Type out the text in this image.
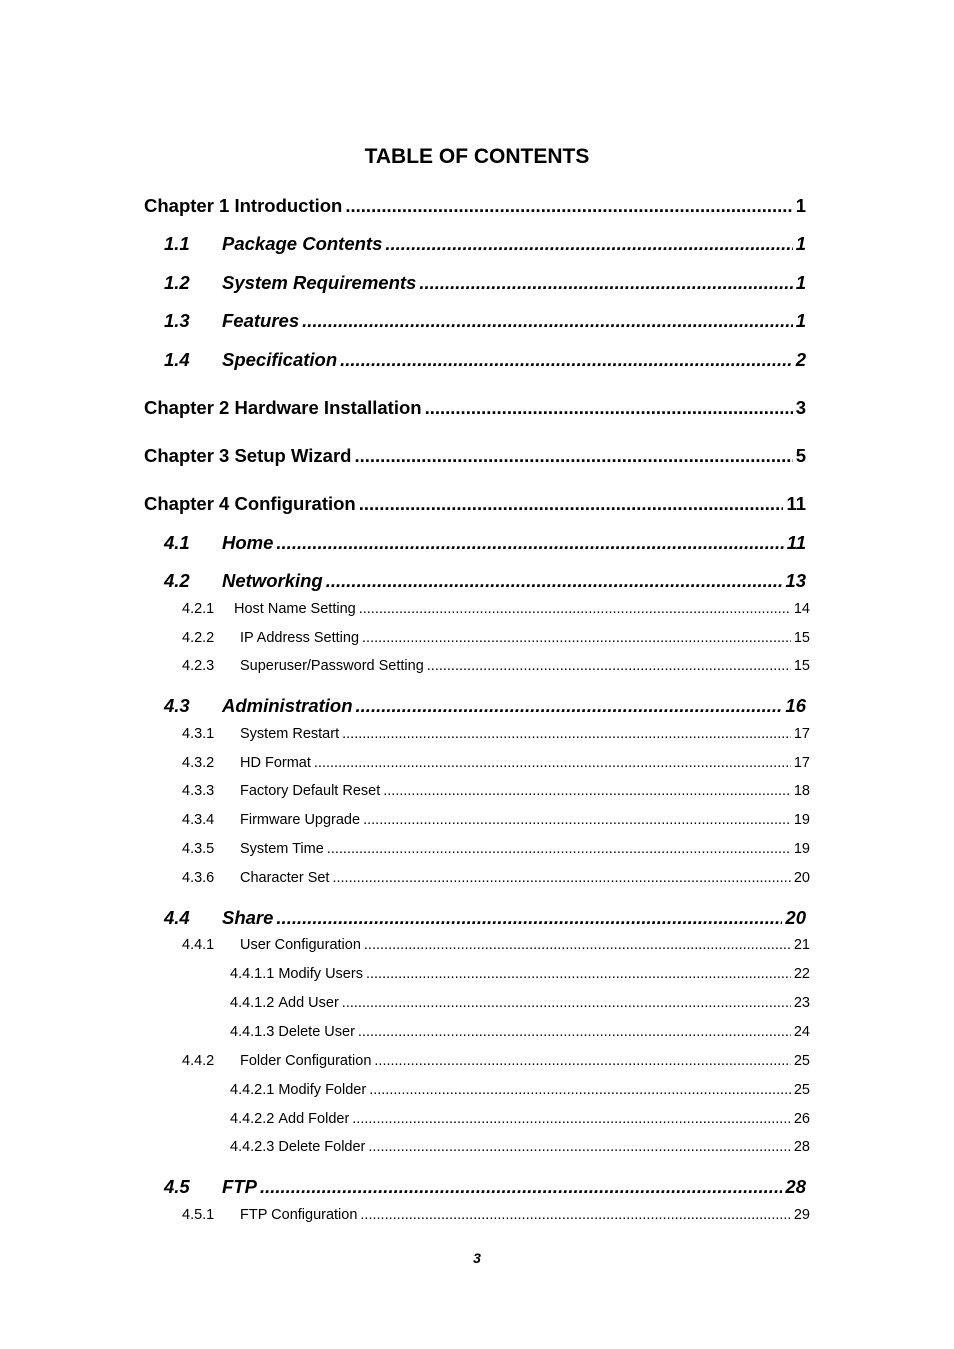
TABLE OF CONTENTS
Chapter 1 Introduction .....	1
1.1	Package Contents .....	1
1.2	System Requirements .....	1
1.3	Features .....	1
1.4	Specification .....	2
Chapter 2 Hardware Installation .....	3
Chapter 3 Setup Wizard .....	5
Chapter 4 Configuration .....	11
4.1	Home .....	11
4.2	Networking .....	13
4.2.1	Host Name Setting .....	14
4.2.2	IP Address Setting .....	15
4.2.3	Superuser/Password Setting .....	15
4.3	Administration .....	16
4.3.1	System Restart .....	17
4.3.2	HD Format .....	17
4.3.3	Factory Default Reset .....	18
4.3.4	Firmware Upgrade .....	19
4.3.5	System Time .....	19
4.3.6	Character Set .....	20
4.4	Share .....	20
4.4.1	User Configuration .....	21
4.4.1.1 Modify Users .....	22
4.4.1.2 Add User .....	23
4.4.1.3 Delete User .....	24
4.4.2	Folder Configuration .....	25
4.4.2.1 Modify Folder .....	25
4.4.2.2 Add Folder .....	26
4.4.2.3 Delete Folder .....	28
4.5	FTP .....	28
4.5.1	FTP Configuration .....	29
3
